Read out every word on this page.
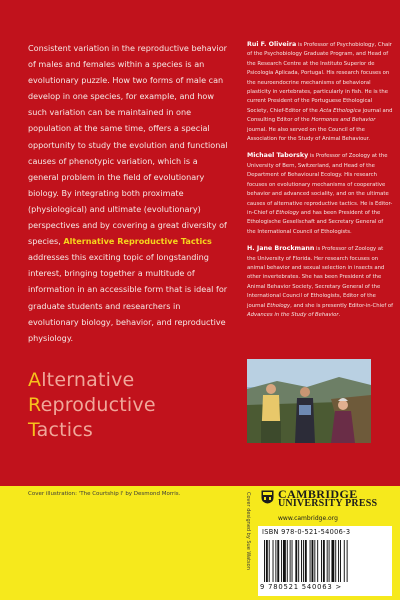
Consistent variation in the reproductive behavior of males and females within a species is an evolutionary puzzle. How two forms of male can develop in one species, for example, and how such variation can be maintained in one population at the same time, offers a special opportunity to study the evolution and functional causes of phenotypic variation, which is a general problem in the field of evolutionary biology. By integrating both proximate (physiological) and ultimate (evolutionary) perspectives and by covering a great diversity of species, Alternative Reproductive Tactics addresses this exciting topic of longstanding interest, bringing together a multitude of information in an accessible form that is ideal for graduate students and researchers in evolutionary biology, behavior, and reproductive physiology.

Rui F. Oliveira is Professor of Psychobiology, Chair of the Psychobiology Graduate Program, and Head of the Research Centre at the Instituto Superior de Psicologia Aplicada, Portugal. His research focuses on the neuroendocrine mechanisms of behavioral plasticity in vertebrates, particularly in fish. He is the current President of the Portuguese Ethological Society, Chief-Editor of the Acta Ethologica journal and Consulting Editor of the Hormones and Behavior journal. He also served on the Council of the Association for the Study of Animal Behaviour.

Michael Taborsky is Professor of Zoology at the University of Bern, Switzerland, and Head of the Department of Behavioural Ecology. His research focuses on evolutionary mechanisms of cooperative behavior and advanced sociality, and on the ultimate causes of alternative reproductive tactics. He is Editor-in-Chief of Ethology and has been President of the Ethologische Gesellschaft and Secretary General of the International Council of Ethologists.

H. Jane Brockmann is Professor of Zoology at the University of Florida. Her research focuses on animal behavior and sexual selection in insects and other invertebrates. She has been President of the Animal Behavior Society, Secretary General of the International Council of Ethologists, Editor of the journal Ethology, and she is presently Editor-in-Chief of Advances in the Study of Behavior.

Alternative
Reproductive
Tactics
Cover illustration: 'The Courtship I' by Desmond Morris.	Cover designed by Sue Watson CAMBRIDGE
UNIVERSITY PRESS
www.cambridge.org
ISBN 978-0-521-54006-3
9 780521 540063 >
